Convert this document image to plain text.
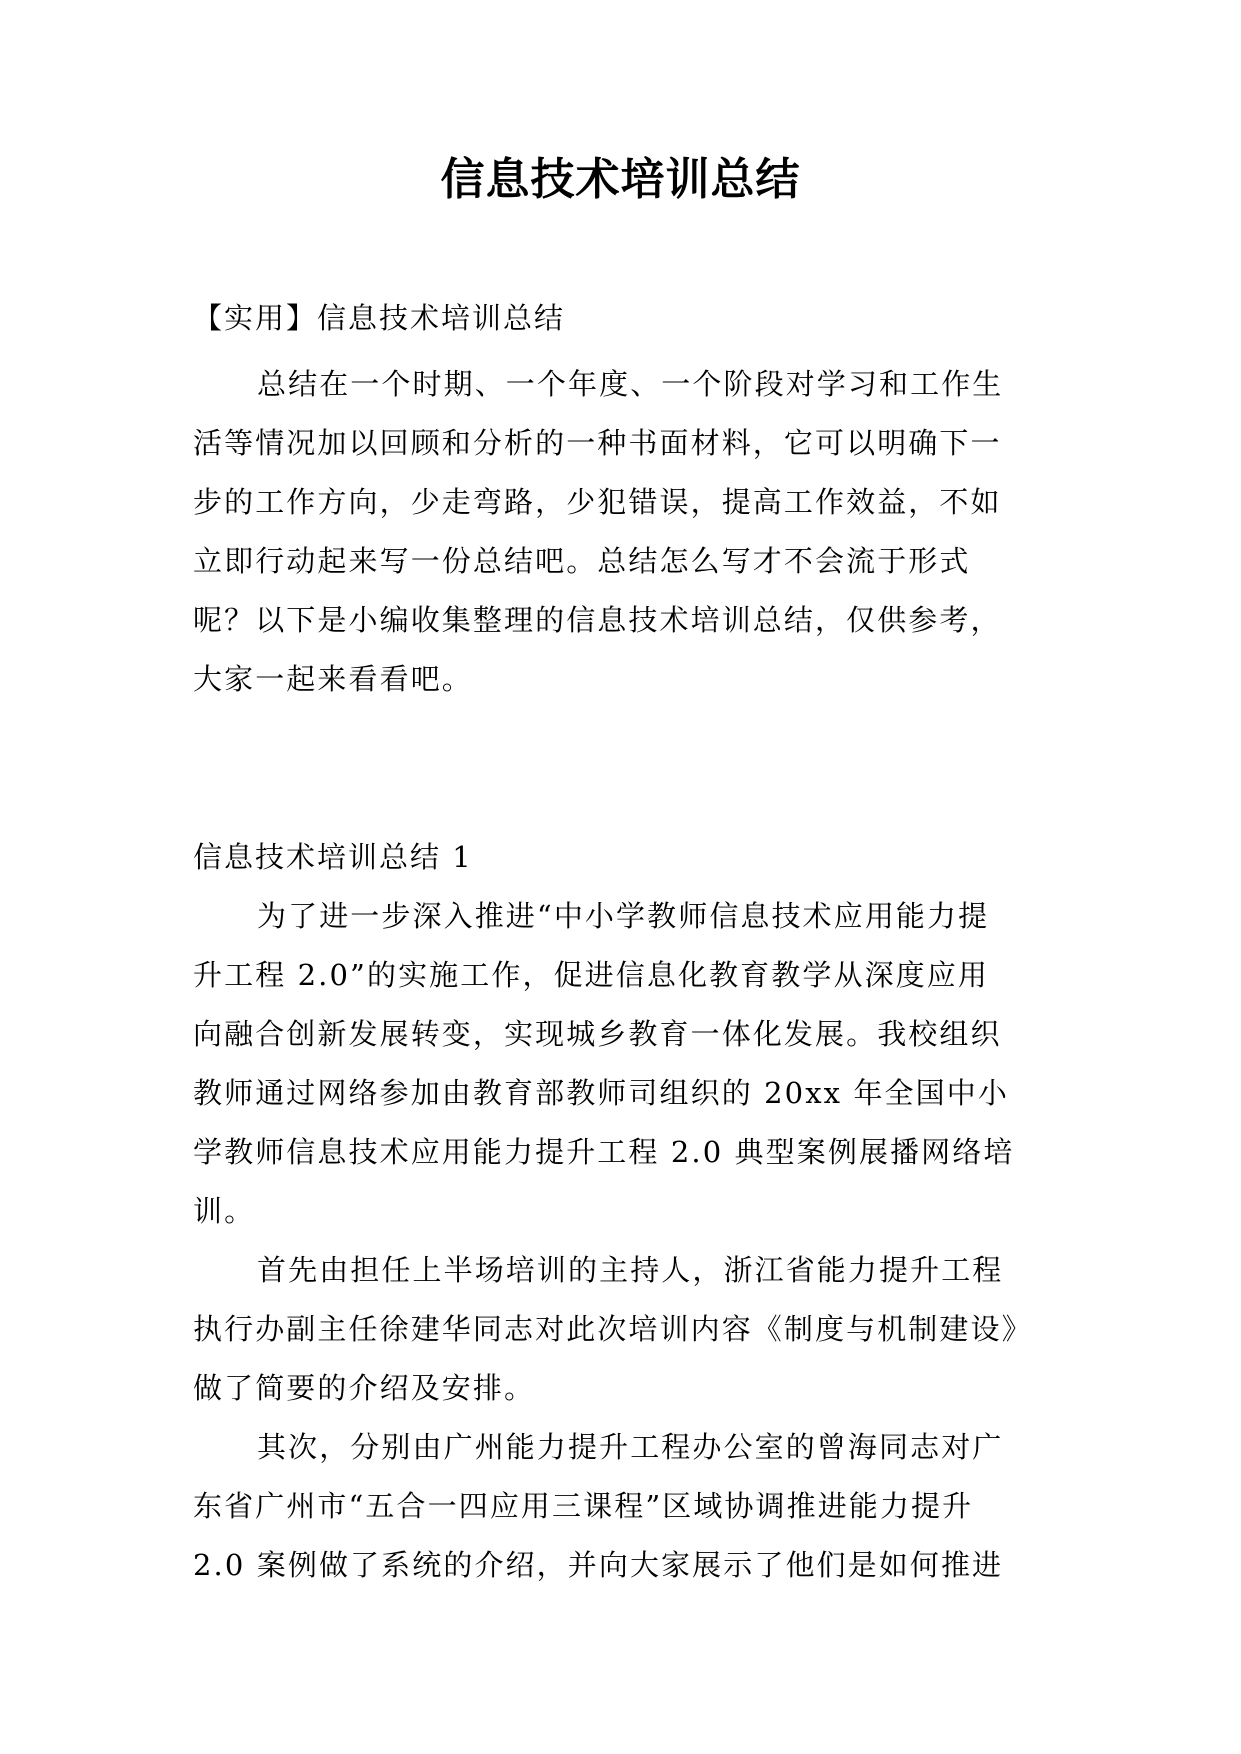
信息技术培训总结
【实用】信息技术培训总结
总结在一个时期、一个年度、一个阶段对学习和工作生
活等情况加以回顾和分析的一种书面材料，它可以明确下一
步的工作方向，少走弯路，少犯错误，提高工作效益，不如
立即行动起来写一份总结吧。总结怎么写才不会流于形式
呢？以下是小编收集整理的信息技术培训总结，仅供参考，
大家一起来看看吧。
信息技术培训总结 1
为了进一步深入推进“中小学教师信息技术应用能力提
升工程 2.0”的实施工作，促进信息化教育教学从深度应用
向融合创新发展转变，实现城乡教育一体化发展。我校组织
教师通过网络参加由教育部教师司组织的 20xx 年全国中小
学教师信息技术应用能力提升工程 2.0 典型案例展播网络培
训。
首先由担任上半场培训的主持人，浙江省能力提升工程
执行办副主任徐建华同志对此次培训内容《制度与机制建设》
做了简要的介绍及安排。
其次，分别由广州能力提升工程办公室的曾海同志对广
东省广州市“五合一四应用三课程”区域协调推进能力提升
2.0 案例做了系统的介绍，并向大家展示了他们是如何推进
